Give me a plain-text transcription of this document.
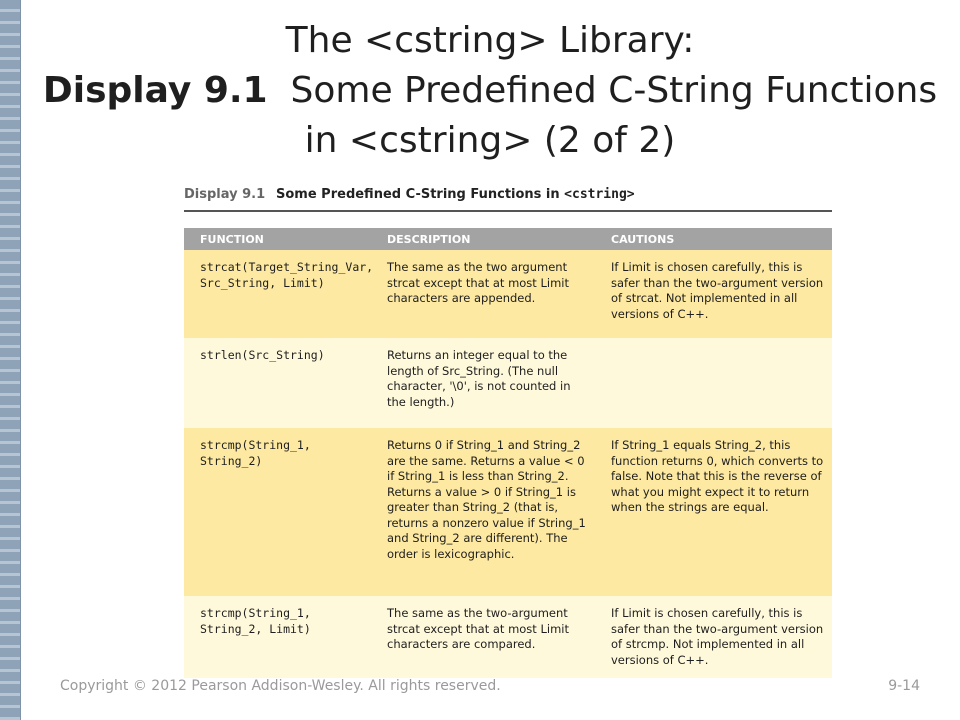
The <cstring> Library:
Display 9.1  Some Predefined C-String Functions
in <cstring> (2 of 2)
Display 9.1 Some Predefined C-String Functions in <cstring>
FUNCTION	DESCRIPTION	CAUTIONS
strcat(Target_String_Var, Src_String, Limit)	The same as the two argument strcat except that at most Limit characters are appended.	If Limit is chosen carefully, this is safer than the two-argument version of strcat. Not implemented in all versions of C++.
strlen(Src_String)	Returns an integer equal to the length of Src_String. (The null character, '\0', is not counted in the length.)	
strcmp(String_1, String_2)	Returns 0 if String_1 and String_2 are the same. Returns a value < 0 if String_1 is less than String_2. Returns a value > 0 if String_1 is greater than String_2 (that is, returns a nonzero value if String_1 and String_2 are different). The order is lexicographic.	If String_1 equals String_2, this function returns 0, which converts to false. Note that this is the reverse of what you might expect it to return when the strings are equal.
strcmp(String_1, String_2, Limit)	The same as the two-argument strcat except that at most Limit characters are compared.	If Limit is chosen carefully, this is safer than the two-argument version of strcmp. Not implemented in all versions of C++.
Copyright © 2012 Pearson Addison-Wesley. All rights reserved.	9-14
